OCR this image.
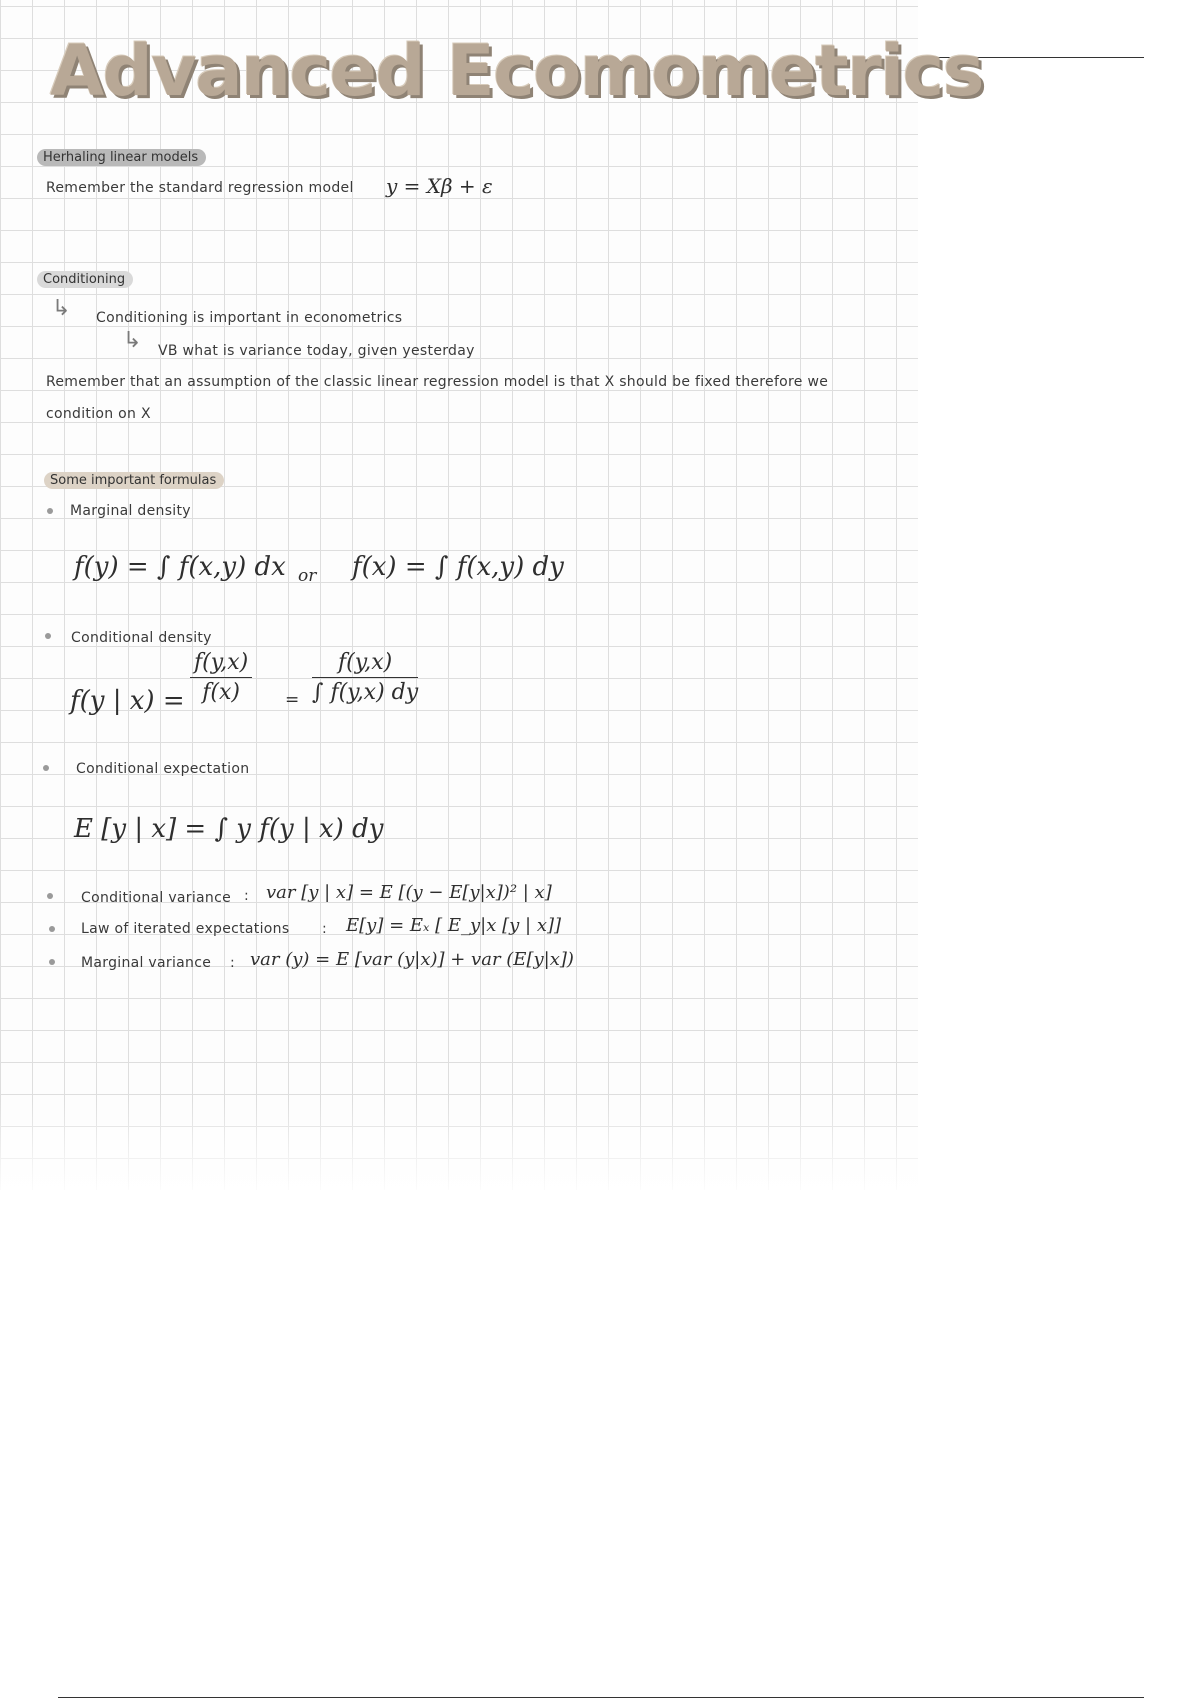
Advanced Ecomometrics
Herhaling linear models
Remember the standard regression model y = Xβ + ε
Conditioning
↳ Conditioning is important in econometrics
↳ VB what is variance today, given yesterday
Remember that an assumption of the classic linear regression model is that X should be fixed therefore we
condition on X
Some important formulas
Marginal density
f(y) = ∫ f(x,y) dx or f(x) = ∫ f(x,y) dy
Conditional density
f(y | $x) = \frac{f(y,x)}{f(x)} = \frac{f(y,x)}{\int f(y,x) dy}$
Conditional expectation
E [y | x] = ∫ y f(y | x) dy
Conditional variance : var [y | x] = E [(y − E[y|x])² | x]
Law of iterated expectations : E[y] = Eₓ [ E_y|x [y | x]]
Marginal variance : var (y) = E [var (y|x)] + var (E[y|x])
